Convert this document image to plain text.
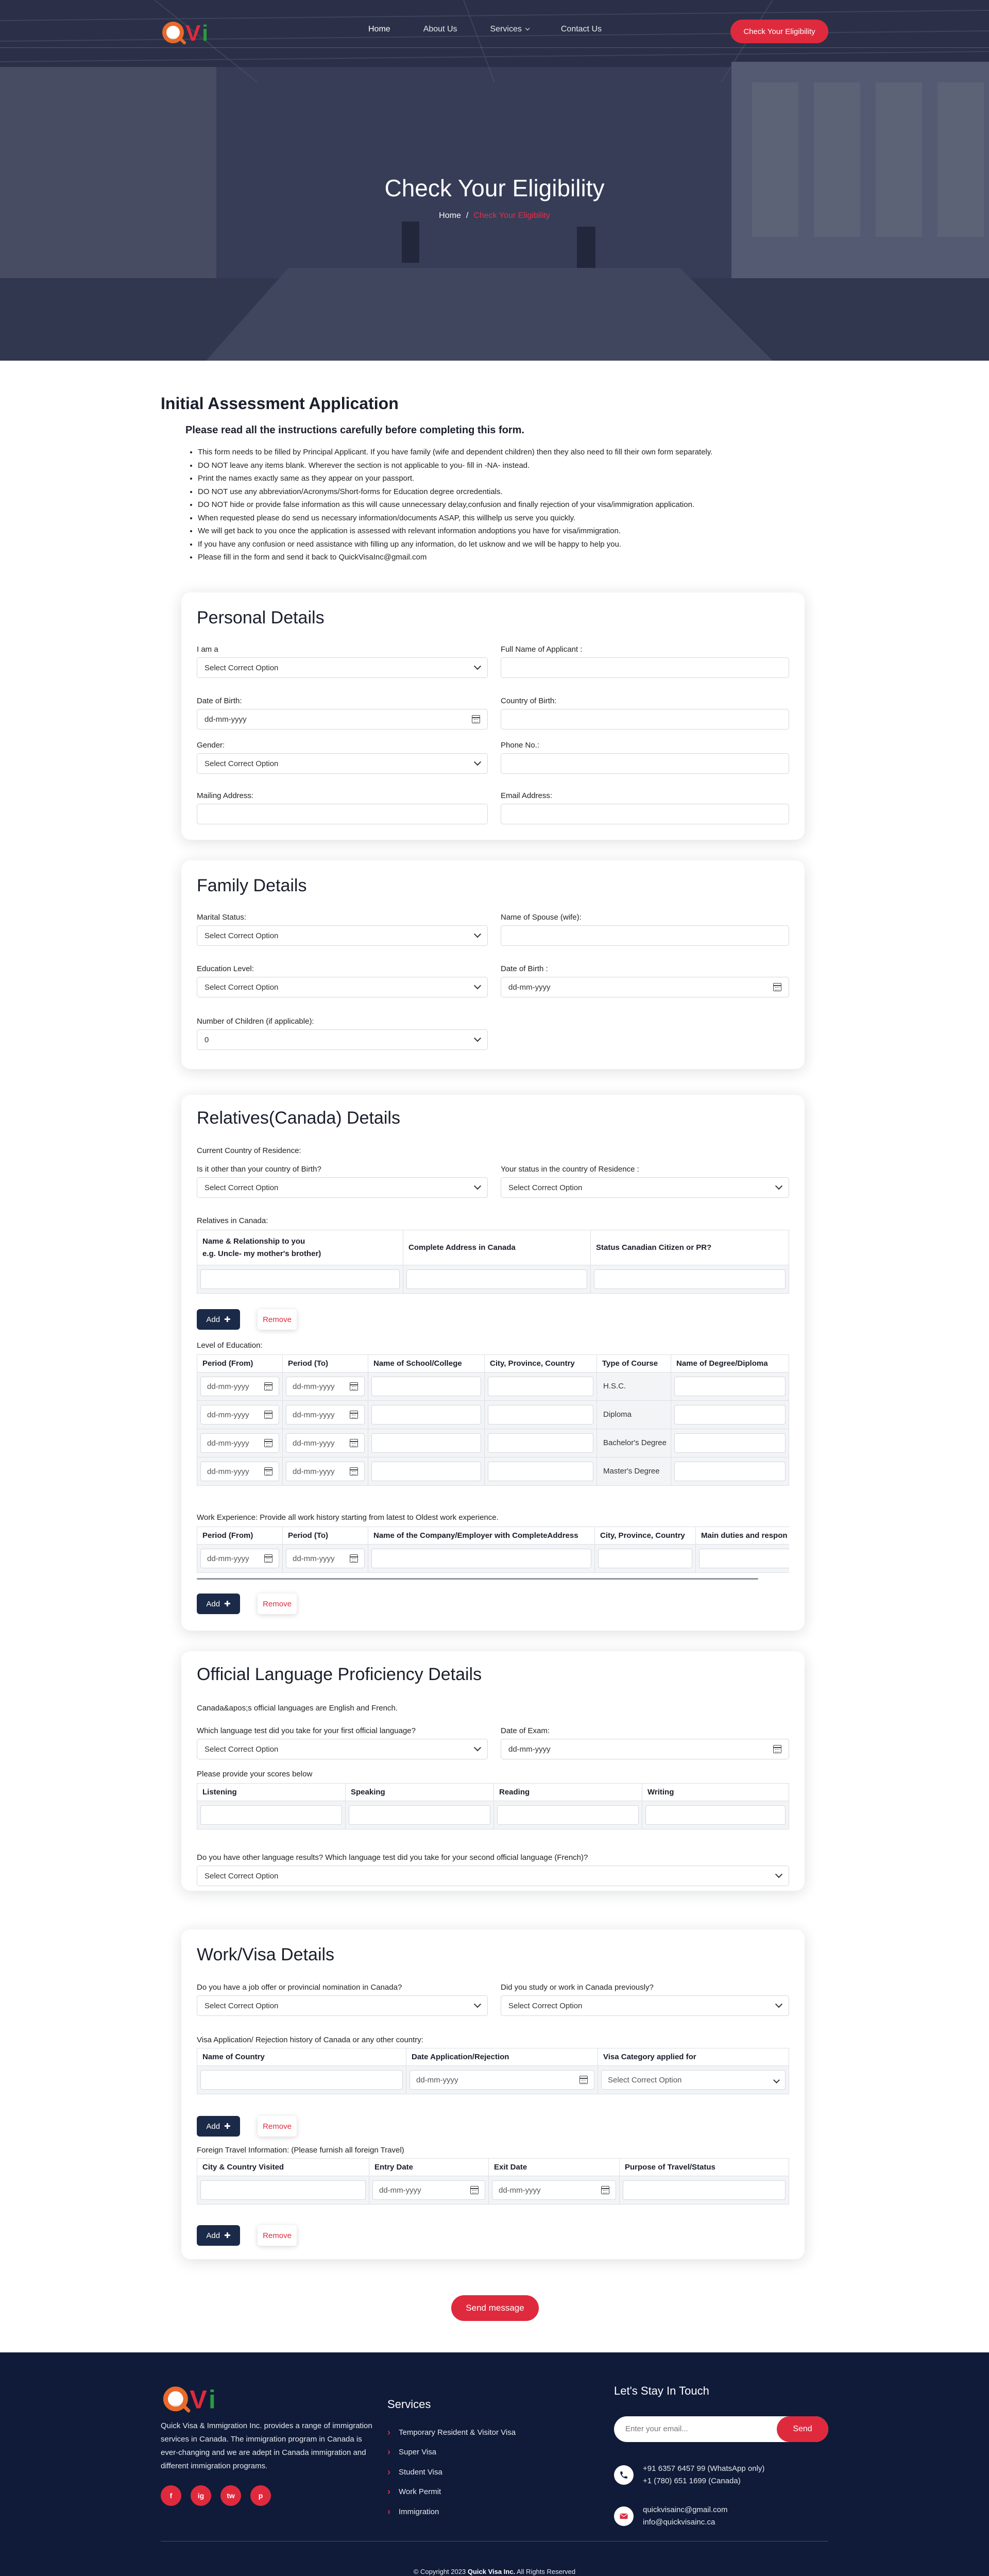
V i	Home	About Us	Services	Contact Us	Check Your Eligibility
Check Your Eligibility
Home / Check Your Eligibility
Initial Assessment Application
Please read all the instructions carefully before completing this form.
• This form needs to be filled by Principal Applicant. If you have family (wife and dependent children) then they also need to fill their own form separately.
• DO NOT leave any items blank. Wherever the section is not applicable to you- fill in -NA- instead.
• Print the names exactly same as they appear on your passport.
• DO NOT use any abbreviation/Acronyms/Short-forms for Education degree orcredentials.
• DO NOT hide or provide false information as this will cause unnecessary delay,confusion and finally rejection of your visa/immigration application.
• When requested please do send us necessary information/documents ASAP, this willhelp us serve you quickly.
• We will get back to you once the application is assessed with relevant information andoptions you have for visa/immigration.
• If you have any confusion or need assistance with filling up any information, do let usknow and we will be happy to help you.
• Please fill in the form and send it back to QuickVisaInc@gmail.com
Personal Details
I am a
Select Correct Option
Full Name of Applicant :
Date of Birth:
dd-mm-yyyy
Country of Birth:
Gender:
Select Correct Option
Phone No.:
Mailing Address:	Email Address:
Family Details
Marital Status:
Select Correct Option
Name of Spouse (wife):
Education Level:
Select Correct Option
Date of Birth :
dd-mm-yyyy
Number of Children (if applicable):
0
Relatives(Canada) Details
Current Country of Residence:
Is it other than your country of Birth?
Select Correct Option
Your status in the country of Residence :
Select Correct Option
Relatives in Canada:
Name & Relationship to you
e.g. Uncle- my mother's brother)	Complete Address in Canada	Status Canadian Citizen or PR?

Add ✚	Remove
Level of Education:
Period (From)	Period (To)	Name of School/College	City, Province, Country	Type of Course	Name of Degree/Diploma

dd-mm-yyyy	dd-mm-yyyy			H.S.C.	

dd-mm-yyyy	dd-mm-yyyy			Diploma	

dd-mm-yyyy	dd-mm-yyyy			Bachelor's Degree	

dd-mm-yyyy	dd-mm-yyyy			Master's Degree	
Work Experience: Provide all work history starting from latest to Oldest work experience.
Period (From)	Period (To)	Name of the Company/Employer with CompleteAddress	City, Province, Country	Main duties and respon

dd-mm-yyyy	dd-mm-yyyy			

Add ✚	Remove
Official Language Proficiency Details
Canada&apos;s official languages are English and French.
Which language test did you take for your first official language?
Select Correct Option
Date of Exam:
dd-mm-yyyy
Please provide your scores below
Listening	Speaking	Reading	Writing

Do you have other language results? Which language test did you take for your second official language (French)?
Select Correct Option
Work/Visa Details
Do you have a job offer or provincial nomination in Canada?
Select Correct Option
Did you study or work in Canada previously?
Select Correct Option
Visa Application/ Rejection history of Canada or any other country:
Name of Country	Date Application/Rejection	Visa Category applied for

	dd-mm-yyyy	Select Correct Option
Add ✚	Remove
Foreign Travel Information: (Please furnish all foreign Travel)
City & Country Visited	Entry Date	Exit Date	Purpose of Travel/Status

	dd-mm-yyyy	dd-mm-yyyy	

Add ✚	Remove
Send message
V i
Quick Visa & Immigration Inc. provides a range of immigration services in Canada. The immigration program in Canada is ever-changing and we are adept in Canada immigration and different immigration programs.
f	ig	tw	p
Services
› Temporary Resident & Visitor Visa
› Super Visa
› Student Visa
› Work Permit
› Immigration
Let's Stay In Touch
Enter your email...	Send
+91 6357 6457 99 (WhatsApp only)
+1 (780) 651 1699 (Canada)
quickvisainc@gmail.com
info@quickvisainc.ca
© Copyright 2023 Quick Visa Inc. All Rights Reserved
